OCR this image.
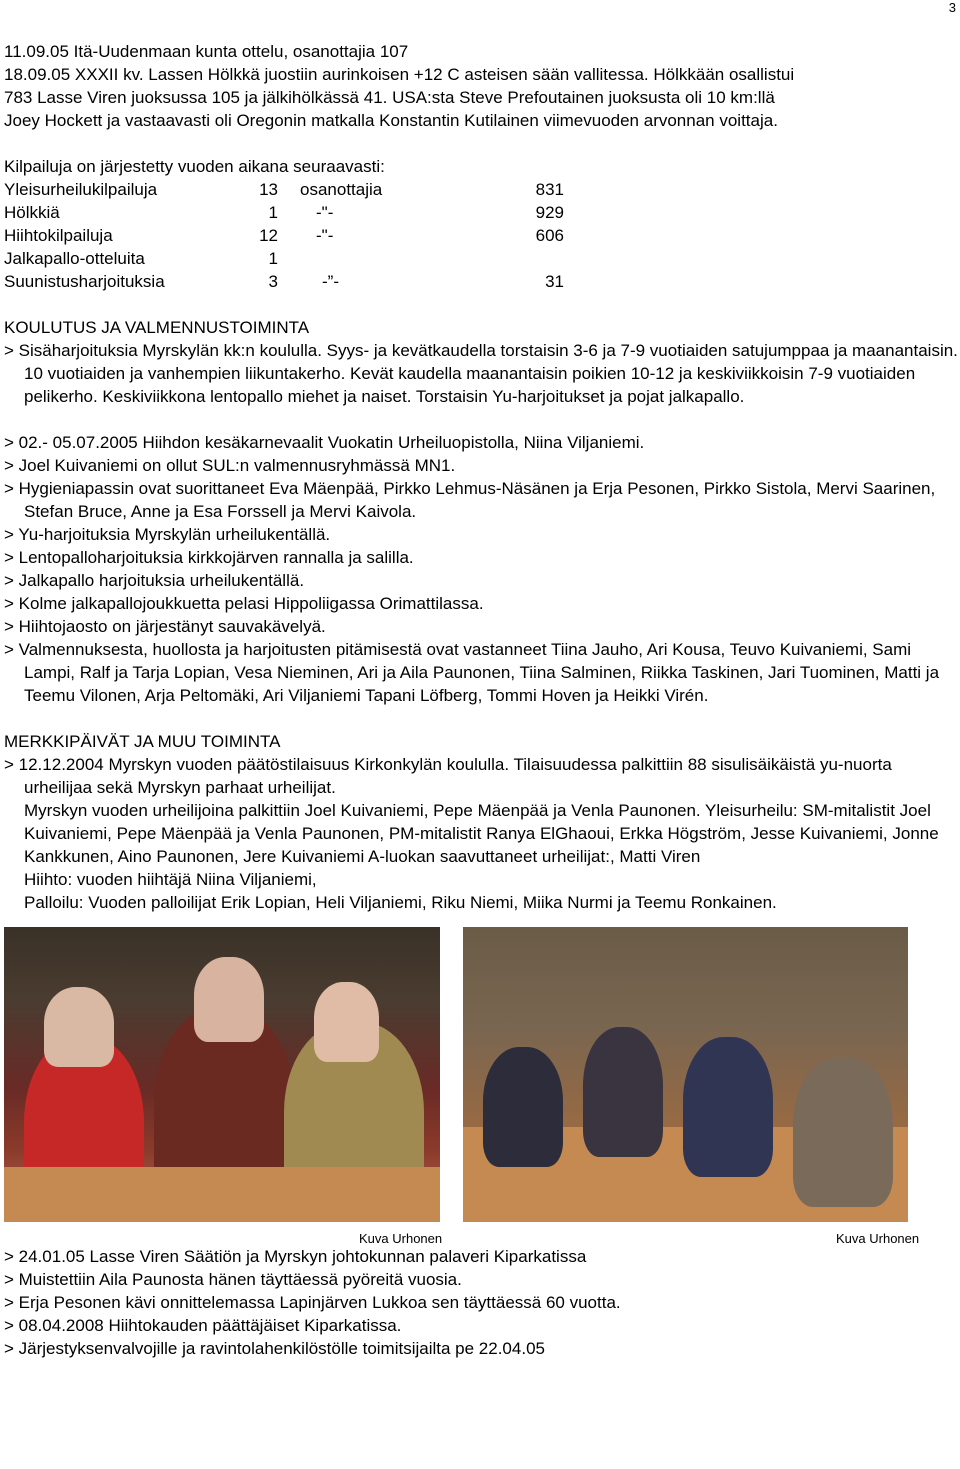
3

11.09.05 Itä-Uudenmaan kunta ottelu, osanottajia 107

18.09.05 XXXII kv. Lassen Hölkkä juostiin aurinkoisen +12 C asteisen sään vallitessa. Hölkkään osallistui

783 Lasse Viren juoksussa 105 ja jälkihölkässä 41. USA:sta Steve Prefoutainen juoksusta oli 10 km:llä

Joey Hockett ja vastaavasti oli Oregonin matkalla Konstantin Kutilainen viimevuoden arvonnan voittaja.

Kilpailuja on järjestetty vuoden aikana seuraavasti:

Yleisurheilukilpailuja	13	osanottajia	831
Hölkkiä	1	-"-	929
Hiihtokilpailuja	12	-"-	606
Jalkapallo-otteluita	1		
Suunistusharjoituksia	3	-”-	31

KOULUTUS JA VALMENNUSTOIMINTA

> Sisäharjoituksia Myrskylän kk:n koululla. Syys- ja kevätkaudella torstaisin 3-6 ja 7-9 vuotiaiden satujumppaa ja maanantaisin. 10 vuotiaiden ja vanhempien liikuntakerho. Kevät kaudella maanantaisin poikien 10-12 ja keskiviikkoisin 7-9 vuotiaiden pelikerho. Keskiviikkona lentopallo miehet ja naiset. Torstaisin Yu-harjoitukset ja pojat jalkapallo.

> 02.- 05.07.2005 Hiihdon kesäkarnevaalit Vuokatin Urheiluopistolla, Niina Viljaniemi.

> Joel Kuivaniemi on ollut SUL:n valmennusryhmässä MN1.

> Hygieniapassin ovat suorittaneet Eva Mäenpää, Pirkko Lehmus-Näsänen ja Erja Pesonen, Pirkko Sistola, Mervi Saarinen, Stefan Bruce, Anne ja Esa Forssell ja Mervi Kaivola.

> Yu-harjoituksia Myrskylän urheilukentällä.

> Lentopalloharjoituksia kirkkojärven rannalla ja salilla.

> Jalkapallo harjoituksia urheilukentällä.

> Kolme jalkapallojoukkuetta pelasi Hippoliigassa Orimattilassa.

> Hiihtojaosto on järjestänyt sauvakävelyä.

> Valmennuksesta, huollosta ja harjoitusten pitämisestä ovat vastanneet Tiina Jauho, Ari Kousa, Teuvo Kuivaniemi, Sami Lampi, Ralf ja Tarja Lopian, Vesa Nieminen, Ari ja Aila Paunonen, Tiina Salminen, Riikka Taskinen, Jari Tuominen, Matti ja Teemu Vilonen, Arja Peltomäki, Ari Viljaniemi Tapani Löfberg, Tommi Hoven ja Heikki Virén.

MERKKIPÄIVÄT JA MUU TOIMINTA

> 12.12.2004 Myrskyn vuoden päätöstilaisuus Kirkonkylän koululla. Tilaisuudessa palkittiin 88 sisulisäikäistä yu-nuorta urheilijaa sekä Myrskyn parhaat urheilijat.

Myrskyn vuoden urheilijoina palkittiin Joel Kuivaniemi, Pepe Mäenpää ja Venla Paunonen. Yleisurheilu: SM-mitalistit Joel Kuivaniemi, Pepe Mäenpää ja Venla Paunonen, PM-mitalistit Ranya ElGhaoui, Erkka Högström, Jesse Kuivaniemi, Jonne Kankkunen, Aino Paunonen, Jere Kuivaniemi A-luokan saavuttaneet urheilijat:, Matti Viren

Hiihto: vuoden hiihtäjä Niina Viljaniemi,

Palloilu: Vuoden palloilijat Erik Lopian, Heli Viljaniemi, Riku Niemi, Miika Nurmi ja Teemu Ronkainen.

Kuva Urhonen	Kuva Urhonen

> 24.01.05 Lasse Viren Säätiön ja Myrskyn johtokunnan palaveri Kiparkatissa

> Muistettiin Aila Paunosta hänen täyttäessä pyöreitä vuosia.

> Erja Pesonen kävi onnittelemassa Lapinjärven Lukkoa sen täyttäessä 60 vuotta.

> 08.04.2008 Hiihtokauden päättäjäiset Kiparkatissa.

> Järjestyksenvalvojille ja ravintolahenkilöstölle toimitsijailta pe 22.04.05
